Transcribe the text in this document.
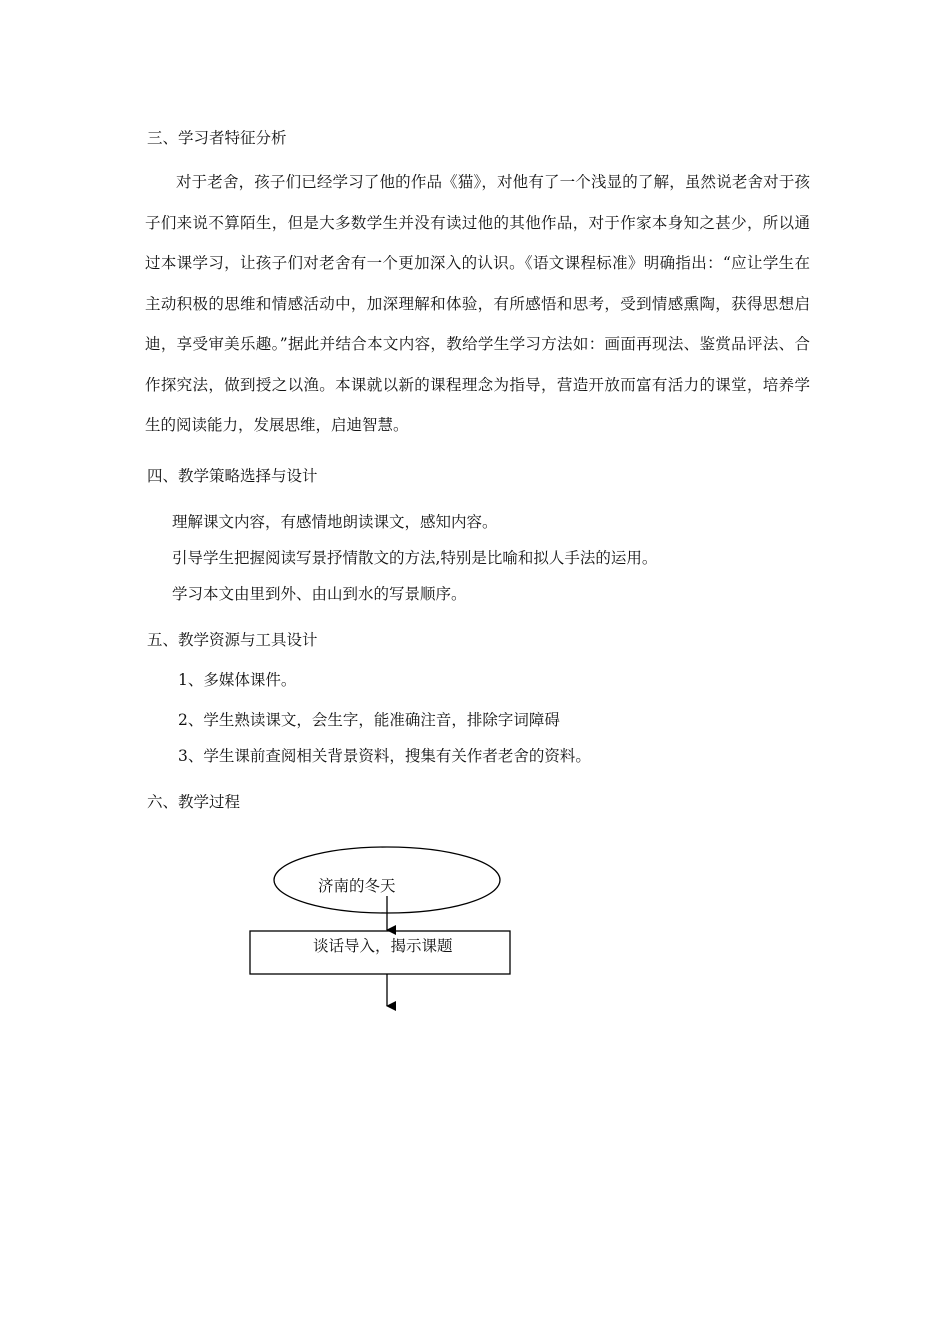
三、学习者特征分析
对于老舍，孩子们已经学习了他的作品《猫》，对他有了一个浅显的了解，虽然说老舍对于孩子们来说不算陌生，但是大多数学生并没有读过他的其他作品，对于作家本身知之甚少，所以通过本课学习，让孩子们对老舍有一个更加深入的认识。《语文课程标准》明确指出：“应让学生在主动积极的思维和情感活动中，加深理解和体验，有所感悟和思考，受到情感熏陶，获得思想启迪，享受审美乐趣。”据此并结合本文内容，教给学生学习方法如：画面再现法、鉴赏品评法、合作探究法，做到授之以渔。本课就以新的课程理念为指导，营造开放而富有活力的课堂，培养学生的阅读能力，发展思维，启迪智慧。
四、教学策略选择与设计
理解课文内容，有感情地朗读课文，感知内容。
引导学生把握阅读写景抒情散文的方法,特别是比喻和拟人手法的运用。
学习本文由里到外、由山到水的写景顺序。
五、教学资源与工具设计
1、多媒体课件。
2、学生熟读课文，会生字，能准确注音，排除字词障碍
3、学生课前查阅相关背景资料，搜集有关作者老舍的资料。
六、教学过程
济南的冬天
谈话导入，揭示课题
